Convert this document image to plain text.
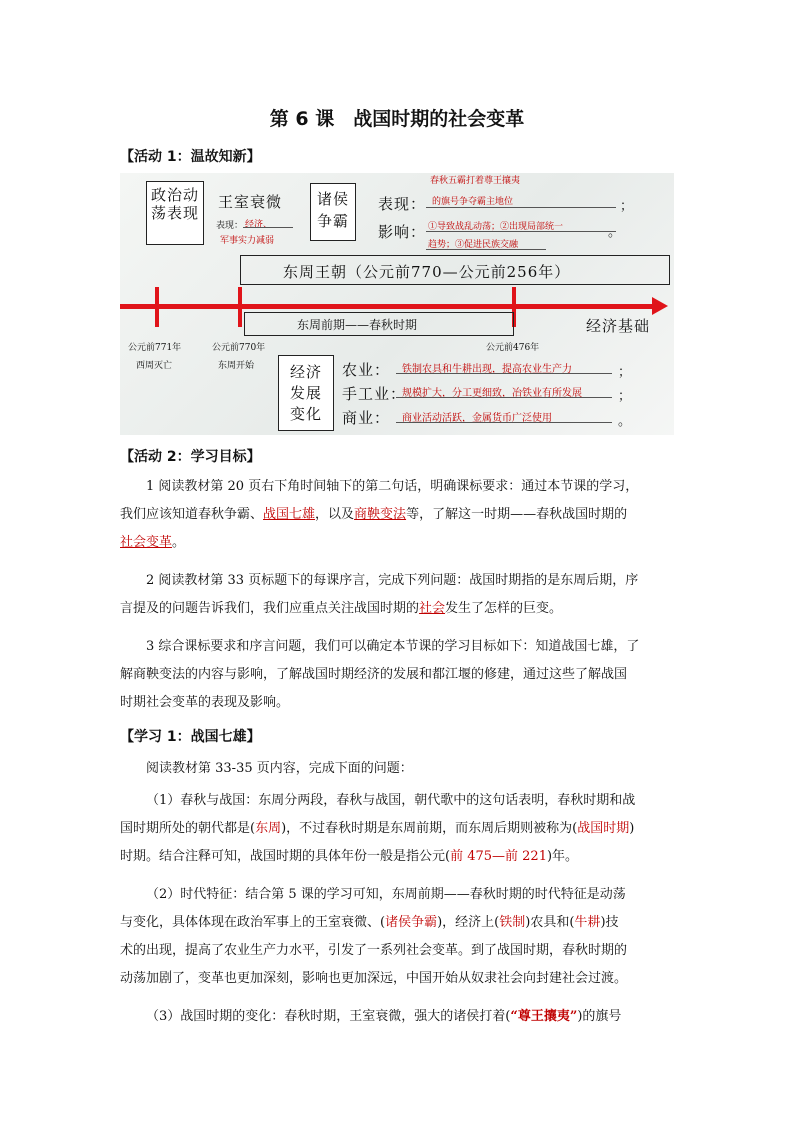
第 6 课　战国时期的社会变革
【活动 1：温故知新】
政治动荡表现
王室衰微
表现： 经济、
军事实力减弱
诸侯争霸
春秋五霸打着尊王攘夷
表现： 的旗号争夺霸主地位	；
影响： ①导致战乱动荡；②出现局部统一	。
趋势；③促进民族交融
东周王朝（公元前770—公元前256年）
东周前期——春秋时期	经济基础
公元前771年
西周灭亡
公元前770年
东周开始
公元前476年
经济发展变化
农业： 铁制农具和牛耕出现，提高农业生产力	；
手工业：
规模扩大，分工更细致，冶铁业有所发展	；
商业： 商业活动活跃，金属货币广泛使用	。
【活动 2：学习目标】
1 阅读教材第 20 页右下角时间轴下的第二句话，明确课标要求：通过本节课的学习，
我们应该知道春秋争霸、战国七雄，以及商鞅变法等，了解这一时期——春秋战国时期的
社会变革。
2 阅读教材第 33 页标题下的每课序言，完成下列问题：战国时期指的是东周后期，序
言提及的问题告诉我们，我们应重点关注战国时期的社会发生了怎样的巨变。
3 综合课标要求和序言问题，我们可以确定本节课的学习目标如下：知道战国七雄，了
解商鞅变法的内容与影响，了解战国时期经济的发展和都江堰的修建，通过这些了解战国
时期社会变革的表现及影响。
【学习 1：战国七雄】
阅读教材第 33-35 页内容，完成下面的问题：
（1）春秋与战国：东周分两段，春秋与战国，朝代歌中的这句话表明，春秋时期和战
国时期所处的朝代都是(东周)，不过春秋时期是东周前期，而东周后期则被称为(战国时期)
时期。结合注释可知，战国时期的具体年份一般是指公元(前 475—前 221)年。
（2）时代特征：结合第 5 课的学习可知，东周前期——春秋时期的时代特征是动荡
与变化，具体体现在政治军事上的王室衰微、(诸侯争霸)，经济上(铁制)农具和(牛耕)技
术的出现，提高了农业生产力水平，引发了一系列社会变革。到了战国时期，春秋时期的
动荡加剧了，变革也更加深刻，影响也更加深远，中国开始从奴隶社会向封建社会过渡。
（3）战国时期的变化：春秋时期，王室衰微，强大的诸侯打着(“尊王攘夷”)的旗号
